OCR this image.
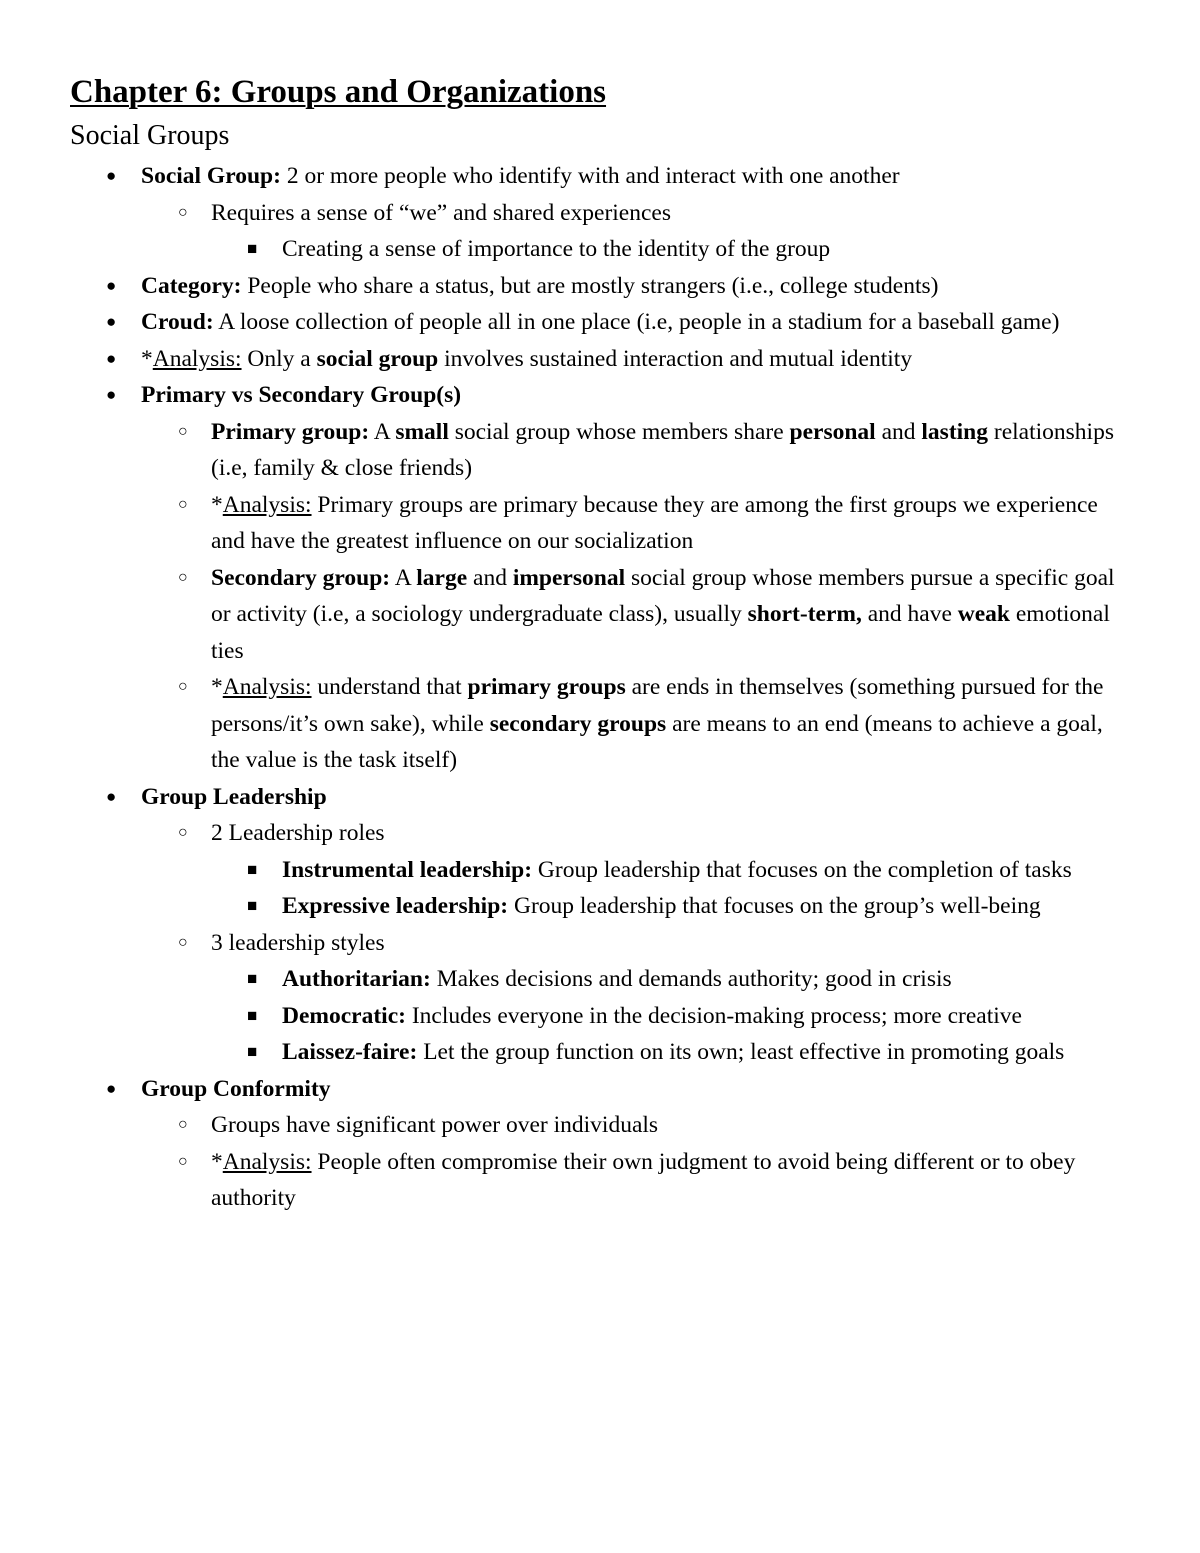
Chapter 6: Groups and Organizations
Social Groups
● Social Group: 2 or more people who identify with and interact with one another
○ Requires a sense of “we” and shared experiences
■ Creating a sense of importance to the identity of the group
● Category: People who share a status, but are mostly strangers (i.e., college students)
● Croud: A loose collection of people all in one place (i.e, people in a stadium for a baseball game)
● *Analysis: Only a social group involves sustained interaction and mutual identity
● Primary vs Secondary Group(s)
○ Primary group: A small social group whose members share personal and lasting relationships (i.e, family & close friends)
○ *Analysis: Primary groups are primary because they are among the first groups we experience and have the greatest influence on our socialization
○ Secondary group: A large and impersonal social group whose members pursue a specific goal or activity (i.e, a sociology undergraduate class), usually short-term, and have weak emotional ties
○ *Analysis: understand that primary groups are ends in themselves (something pursued for the persons/it’s own sake), while secondary groups are means to an end (means to achieve a goal, the value is the task itself)
● Group Leadership
○ 2 Leadership roles
■ Instrumental leadership: Group leadership that focuses on the completion of tasks
■ Expressive leadership: Group leadership that focuses on the group’s well-being
○ 3 leadership styles
■ Authoritarian: Makes decisions and demands authority; good in crisis
■ Democratic: Includes everyone in the decision-making process; more creative
■ Laissez-faire: Let the group function on its own; least effective in promoting goals
● Group Conformity
○ Groups have significant power over individuals
○ *Analysis: People often compromise their own judgment to avoid being different or to obey authority
